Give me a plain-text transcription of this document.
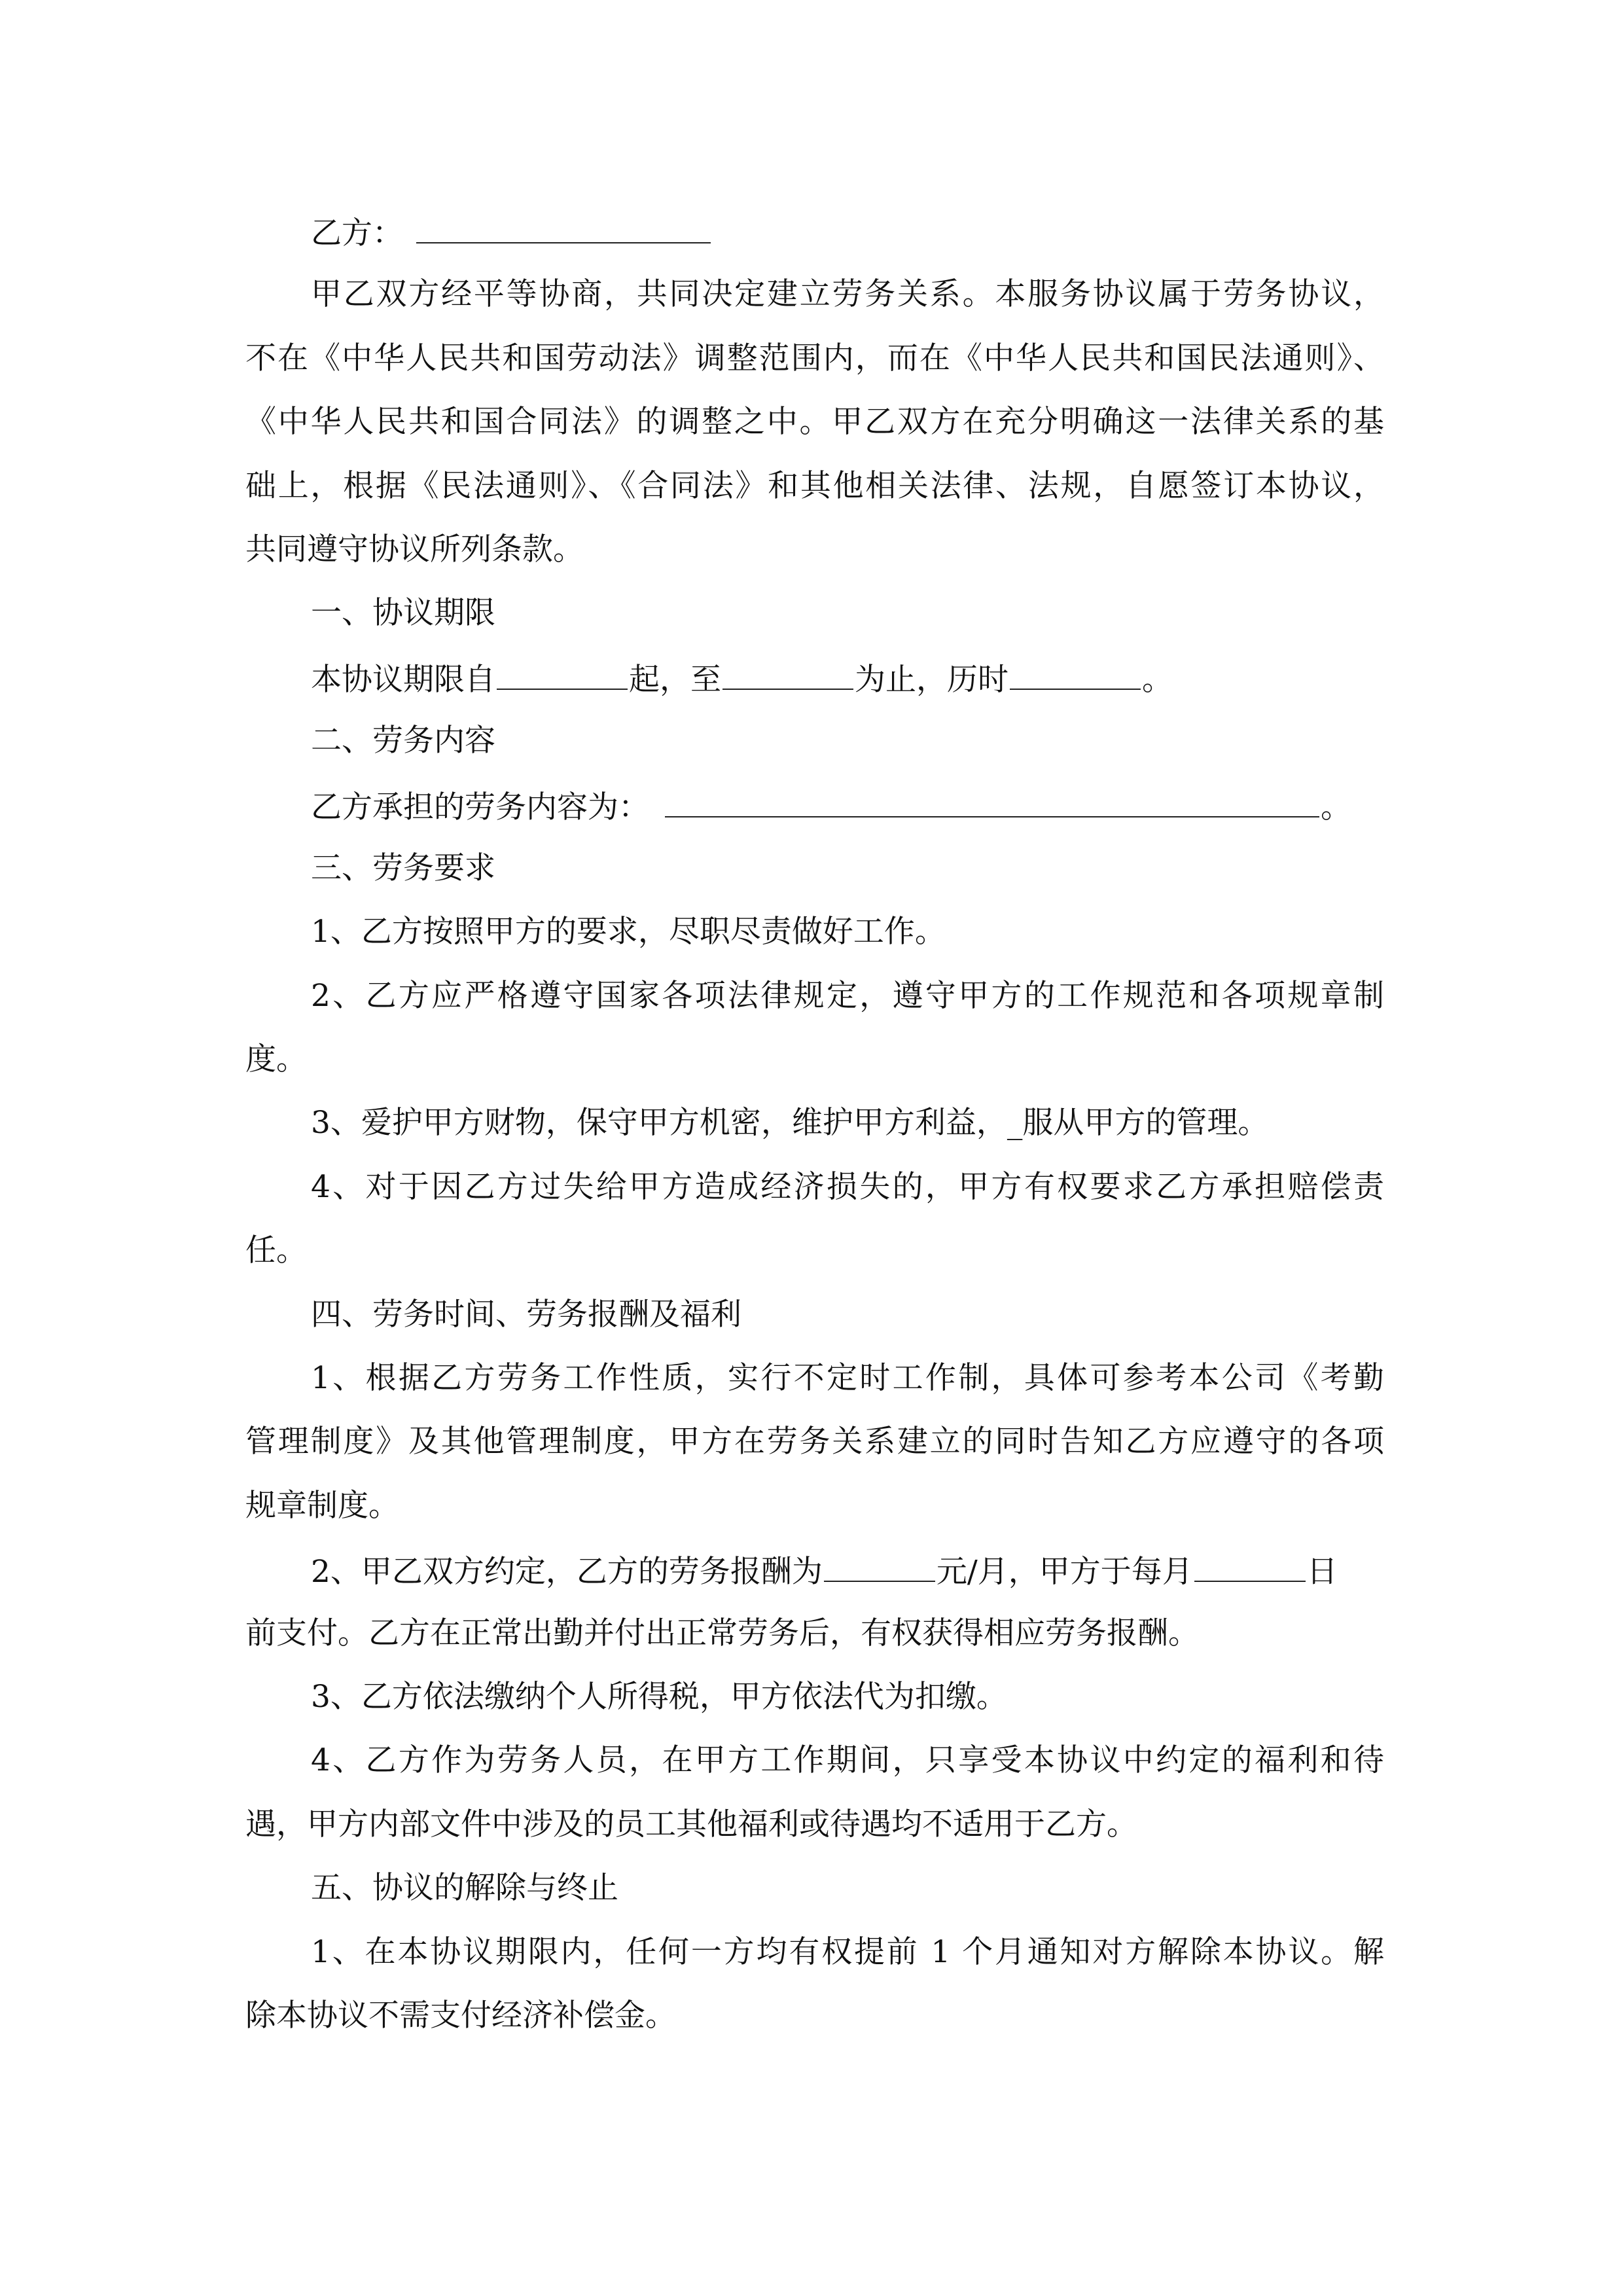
乙方：
甲乙双方经平等协商，共同决定建立劳务关系。本服务协议属于劳务协议，
不在《中华人民共和国劳动法》调整范围内，而在《中华人民共和国民法通则》、
《中华人民共和国合同法》的调整之中。甲乙双方在充分明确这一法律关系的基
础上，根据《民法通则》、《合同法》和其他相关法律、法规，自愿签订本协议，
共同遵守协议所列条款。
一、协议期限
本协议期限自	起，至	为止，历时	。
二、劳务内容
乙方承担的劳务内容为：	。
三、劳务要求
1、乙方按照甲方的要求，尽职尽责做好工作。
2、乙方应严格遵守国家各项法律规定，遵守甲方的工作规范和各项规章制
度。
3、爱护甲方财物，保守甲方机密，维护甲方利益，_服从甲方的管理。
4、对于因乙方过失给甲方造成经济损失的，甲方有权要求乙方承担赔偿责
任。
四、劳务时间、劳务报酬及福利
1、根据乙方劳务工作性质，实行不定时工作制，具体可参考本公司《考勤
管理制度》及其他管理制度，甲方在劳务关系建立的同时告知乙方应遵守的各项
规章制度。
2、甲乙双方约定，乙方的劳务报酬为	元/月，甲方于每月	日
前支付。乙方在正常出勤并付出正常劳务后，有权获得相应劳务报酬。
3、乙方依法缴纳个人所得税，甲方依法代为扣缴。
4、乙方作为劳务人员，在甲方工作期间，只享受本协议中约定的福利和待
遇，甲方内部文件中涉及的员工其他福利或待遇均不适用于乙方。
五、协议的解除与终止
1、在本协议期限内，任何一方均有权提前 1 个月通知对方解除本协议。解
除本协议不需支付经济补偿金。
